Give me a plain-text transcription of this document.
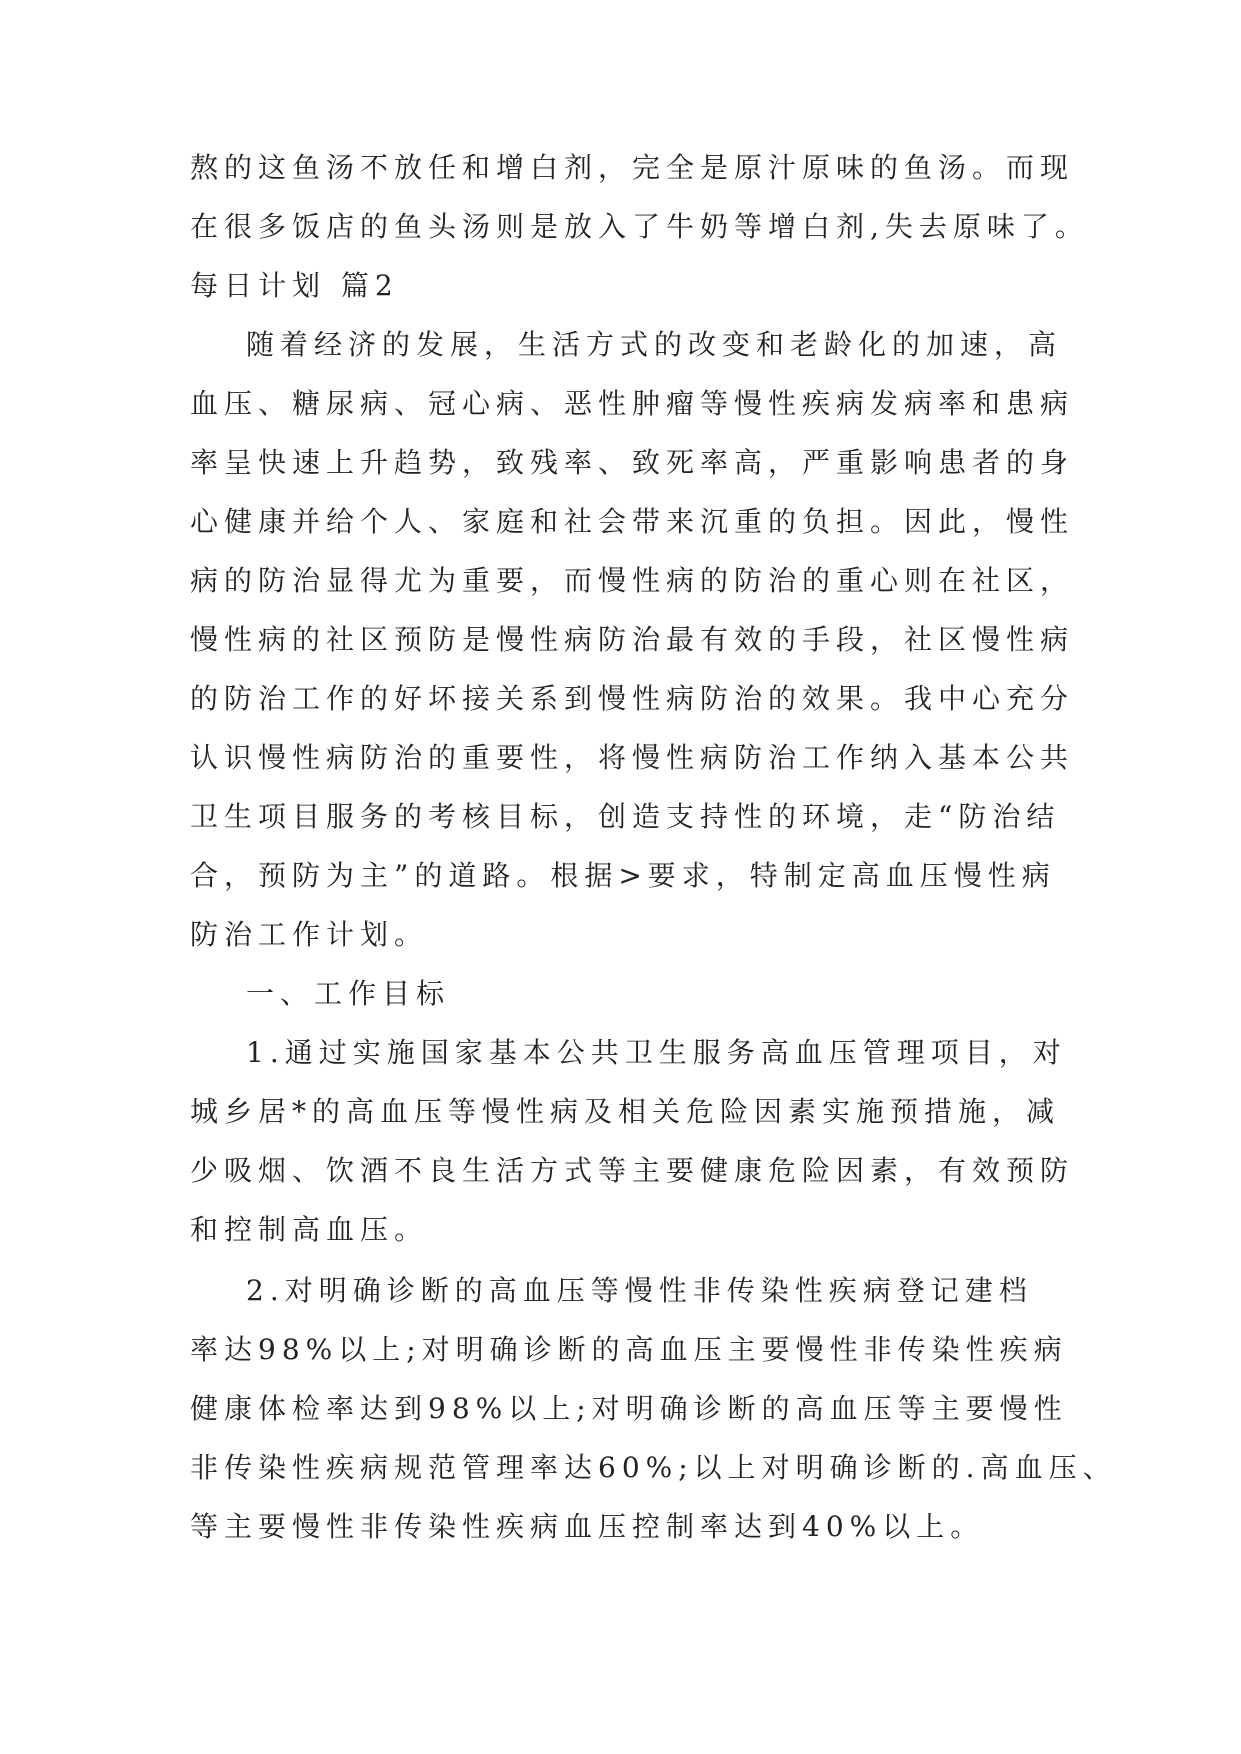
熬的这鱼汤不放任和增白剂，完全是原汁原味的鱼汤。而现
在很多饭店的鱼头汤则是放入了牛奶等增白剂,失去原味了。
每日计划 篇2
随着经济的发展，生活方式的改变和老龄化的加速，高
血压、糖尿病、冠心病、恶性肿瘤等慢性疾病发病率和患病
率呈快速上升趋势，致残率、致死率高，严重影响患者的身
心健康并给个人、家庭和社会带来沉重的负担。因此，慢性
病的防治显得尤为重要，而慢性病的防治的重心则在社区，
慢性病的社区预防是慢性病防治最有效的手段，社区慢性病
的防治工作的好坏接关系到慢性病防治的效果。我中心充分
认识慢性病防治的重要性，将慢性病防治工作纳入基本公共
卫生项目服务的考核目标，创造支持性的环境，走“防治结
合，预防为主”的道路。根据>要求，特制定高血压慢性病
防治工作计划。
一、工作目标
1.通过实施国家基本公共卫生服务高血压管理项目，对
城乡居*的高血压等慢性病及相关危险因素实施预措施，减
少吸烟、饮酒不良生活方式等主要健康危险因素，有效预防
和控制高血压。
2.对明确诊断的高血压等慢性非传染性疾病登记建档
率达98%以上;对明确诊断的高血压主要慢性非传染性疾病
健康体检率达到98%以上;对明确诊断的高血压等主要慢性
非传染性疾病规范管理率达60%;以上对明确诊断的.高血压、
等主要慢性非传染性疾病血压控制率达到40%以上。
